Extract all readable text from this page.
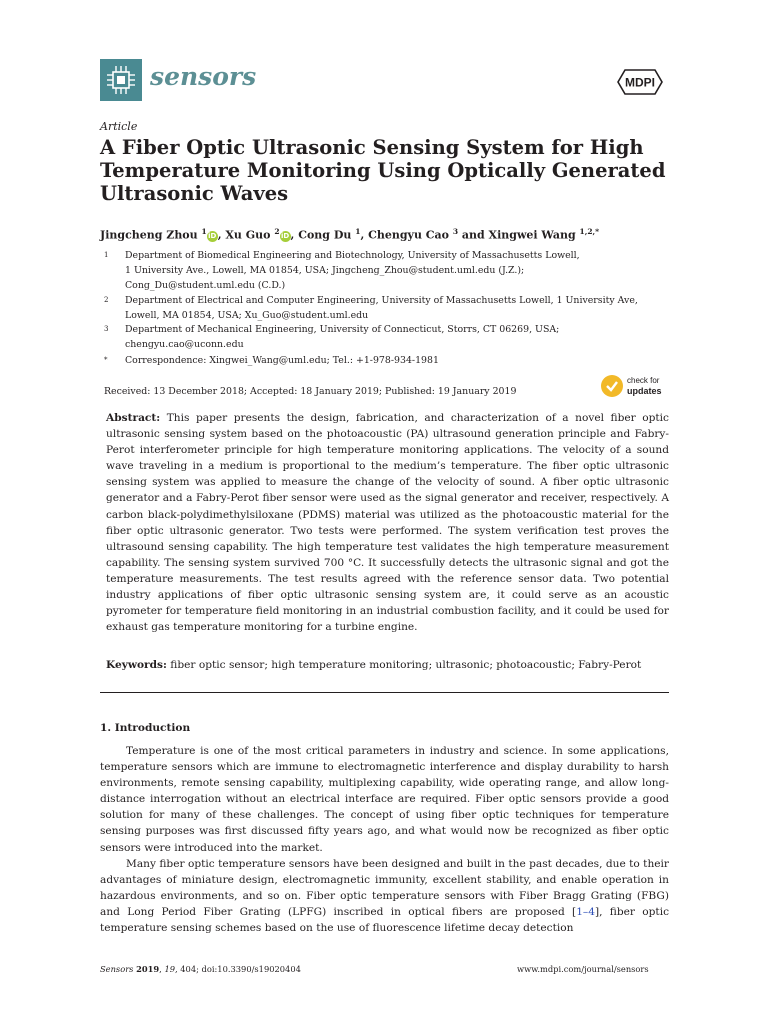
sensors	MDPI
Article
A Fiber Optic Ultrasonic Sensing System for High Temperature Monitoring Using Optically Generated Ultrasonic Waves
Jingcheng Zhou $^1$iD, Xu Guo $^2$iD, Cong Du $^1$, Chengyu Cao $^3$ and Xingwei Wang $^{1,2,*}$
1 Department of Biomedical Engineering and Biotechnology, University of Massachusetts Lowell,
1 University Ave., Lowell, MA 01854, USA; Jingcheng_Zhou@student.uml.edu (J.Z.);
Cong_Du@student.uml.edu (C.D.)
2 Department of Electrical and Computer Engineering, University of Massachusetts Lowell, 1 University Ave,
Lowell, MA 01854, USA; Xu_Guo@student.uml.edu
3 Department of Mechanical Engineering, University of Connecticut, Storrs, CT 06269, USA;
chengyu.cao@uconn.edu
* Correspondence: Xingwei_Wang@uml.edu; Tel.: +1-978-934-1981
Received: 13 December 2018; Accepted: 18 January 2019; Published: 19 January 2019
check for
updates
Abstract: This paper presents the design, fabrication, and characterization of a novel fiber optic ultrasonic sensing system based on the photoacoustic (PA) ultrasound generation principle and Fabry-Perot interferometer principle for high temperature monitoring applications. The velocity of a sound wave traveling in a medium is proportional to the medium’s temperature. The fiber optic ultrasonic sensing system was applied to measure the change of the velocity of sound. A fiber optic ultrasonic generator and a Fabry-Perot fiber sensor were used as the signal generator and receiver, respectively. A carbon black-polydimethylsiloxane (PDMS) material was utilized as the photoacoustic material for the fiber optic ultrasonic generator. Two tests were performed. The system verification test proves the ultrasound sensing capability. The high temperature test validates the high temperature measurement capability. The sensing system survived 700 °C. It successfully detects the ultrasonic signal and got the temperature measurements. The test results agreed with the reference sensor data. Two potential industry applications of fiber optic ultrasonic sensing system are, it could serve as an acoustic pyrometer for temperature field monitoring in an industrial combustion facility, and it could be used for exhaust gas temperature monitoring for a turbine engine.
Keywords: fiber optic sensor; high temperature monitoring; ultrasonic; photoacoustic; Fabry-Perot
1. Introduction
Temperature is one of the most critical parameters in industry and science. In some applications, temperature sensors which are immune to electromagnetic interference and display durability to harsh environments, remote sensing capability, multiplexing capability, wide operating range, and allow long-distance interrogation without an electrical interface are required. Fiber optic sensors provide a good solution for many of these challenges. The concept of using fiber optic techniques for temperature sensing purposes was first discussed fifty years ago, and what would now be recognized as fiber optic sensors were introduced into the market.
Many fiber optic temperature sensors have been designed and built in the past decades, due to their advantages of miniature design, electromagnetic immunity, excellent stability, and enable operation in hazardous environments, and so on. Fiber optic temperature sensors with Fiber Bragg Grating (FBG) and Long Period Fiber Grating (LPFG) inscribed in optical fibers are proposed [1–4], fiber optic temperature sensing schemes based on the use of fluorescence lifetime decay detection
Sensors 2019, 19, 404; doi:10.3390/s19020404	www.mdpi.com/journal/sensors
